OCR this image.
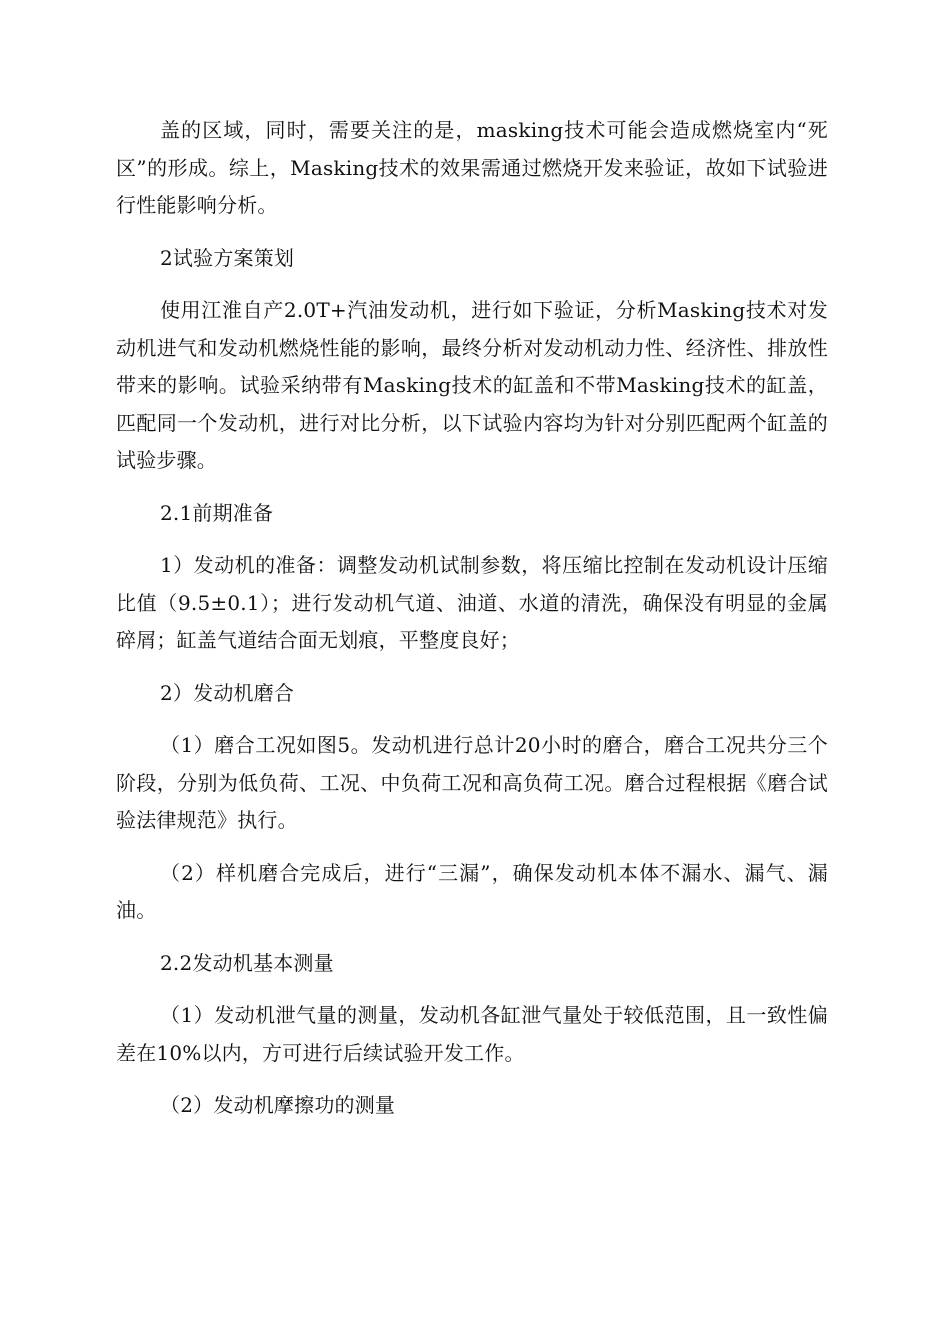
盖的区域，同时，需要关注的是，masking技术可能会造成燃烧室内“死区”的形成。综上，Masking技术的效果需通过燃烧开发来验证，故如下试验进行性能影响分析。

2试验方案策划

使用江淮自产2.0T+汽油发动机，进行如下验证，分析Masking技术对发动机进气和发动机燃烧性能的影响，最终分析对发动机动力性、经济性、排放性带来的影响。试验采纳带有Masking技术的缸盖和不带Masking技术的缸盖，匹配同一个发动机，进行对比分析，以下试验内容均为针对分别匹配两个缸盖的试验步骤。

2.1前期准备

1）发动机的准备：调整发动机试制参数，将压缩比控制在发动机设计压缩比值（9.5±0.1）；进行发动机气道、油道、水道的清洗，确保没有明显的金属碎屑；缸盖气道结合面无划痕，平整度良好；

2）发动机磨合

（1）磨合工况如图5。发动机进行总计20小时的磨合，磨合工况共分三个阶段，分别为低负荷、工况、中负荷工况和高负荷工况。磨合过程根据《磨合试验法律规范》执行。

（2）样机磨合完成后，进行“三漏”，确保发动机本体不漏水、漏气、漏油。

2.2发动机基本测量

（1）发动机泄气量的测量，发动机各缸泄气量处于较低范围，且一致性偏差在10%以内，方可进行后续试验开发工作。

（2）发动机摩擦功的测量
